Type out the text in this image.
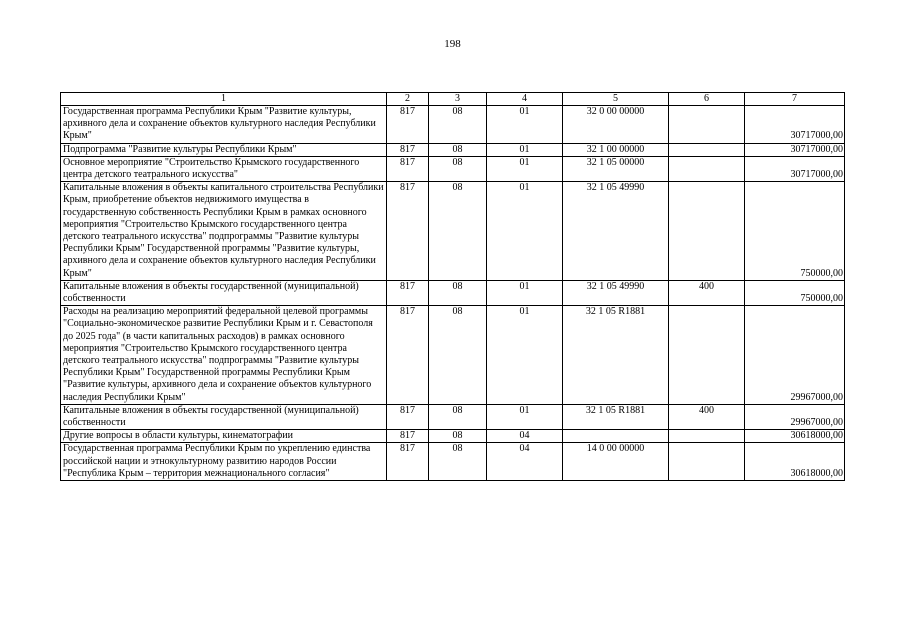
198
1	2	3	4	5	6	7
Государственная программа Республики Крым "Развитие культуры, архивного дела и сохранение объектов культурного наследия Республики Крым"	817	08	01	32 0 00 00000		30717000,00
Подпрограмма "Развитие культуры Республики Крым"	817	08	01	32 1 00 00000		30717000,00
Основное мероприятие "Строительство Крымского государственного центра детского театрального искусства"	817	08	01	32 1 05 00000		30717000,00
Капитальные вложения в объекты капитального строительства Республики Крым, приобретение объектов недвижимого имущества в государственную собственность Республики Крым в рамках основного мероприятия "Строительство Крымского государственного центра детского театрального искусства" подпрограммы "Развитие культуры Республики Крым" Государственной программы "Развитие культуры, архивного дела и сохранение объектов культурного наследия Республики Крым"	817	08	01	32 1 05 49990		750000,00
Капитальные вложения в объекты государственной (муниципальной) собственности	817	08	01	32 1 05 49990	400	750000,00
Расходы на реализацию мероприятий федеральной целевой программы "Социально-экономическое развитие Республики Крым и г. Севастополя до 2025 года" (в части капитальных расходов) в рамках основного мероприятия "Строительство Крымского государственного центра детского театрального искусства" подпрограммы "Развитие культуры Республики Крым" Государственной программы Республики Крым "Развитие культуры, архивного дела и сохранение объектов культурного наследия Республики Крым"	817	08	01	32 1 05 R1881		29967000,00
Капитальные вложения в объекты государственной (муниципальной) собственности	817	08	01	32 1 05 R1881	400	29967000,00
Другие вопросы в области культуры, кинематографии	817	08	04			30618000,00
Государственная программа Республики Крым по укреплению единства российской нации и этнокультурному развитию народов России "Республика Крым – территория межнационального согласия"	817	08	04	14 0 00 00000		30618000,00
